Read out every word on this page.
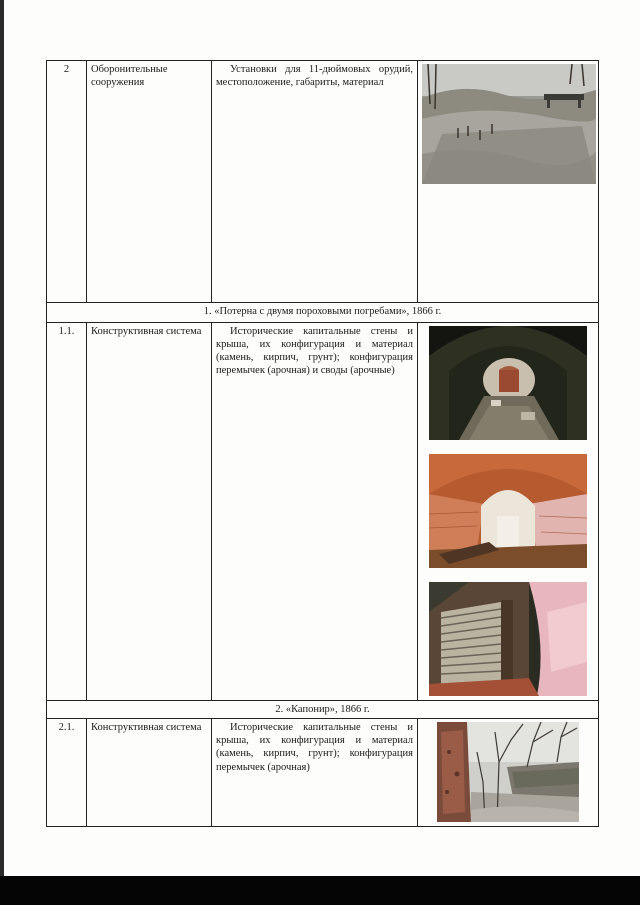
2	Оборонительные сооружения	Установки для 11-дюймовых орудий, местоположение, габариты, материал	

1. «Потерна с двумя пороховыми погребами», 1866 г.			
1.1.	Конструктивная система	Исторические капитальные стены и крыша, их конфигурация и материал (камень, кирпич, грунт); конфигурация перемычек (арочная) и своды (арочные)	

2. «Капонир», 1866 г.			
2.1.	Конструктивная система	Исторические капитальные стены и крыша, их конфигурация и материал (камень, кирпич, грунт); конфигурация перемычек (арочная)	
